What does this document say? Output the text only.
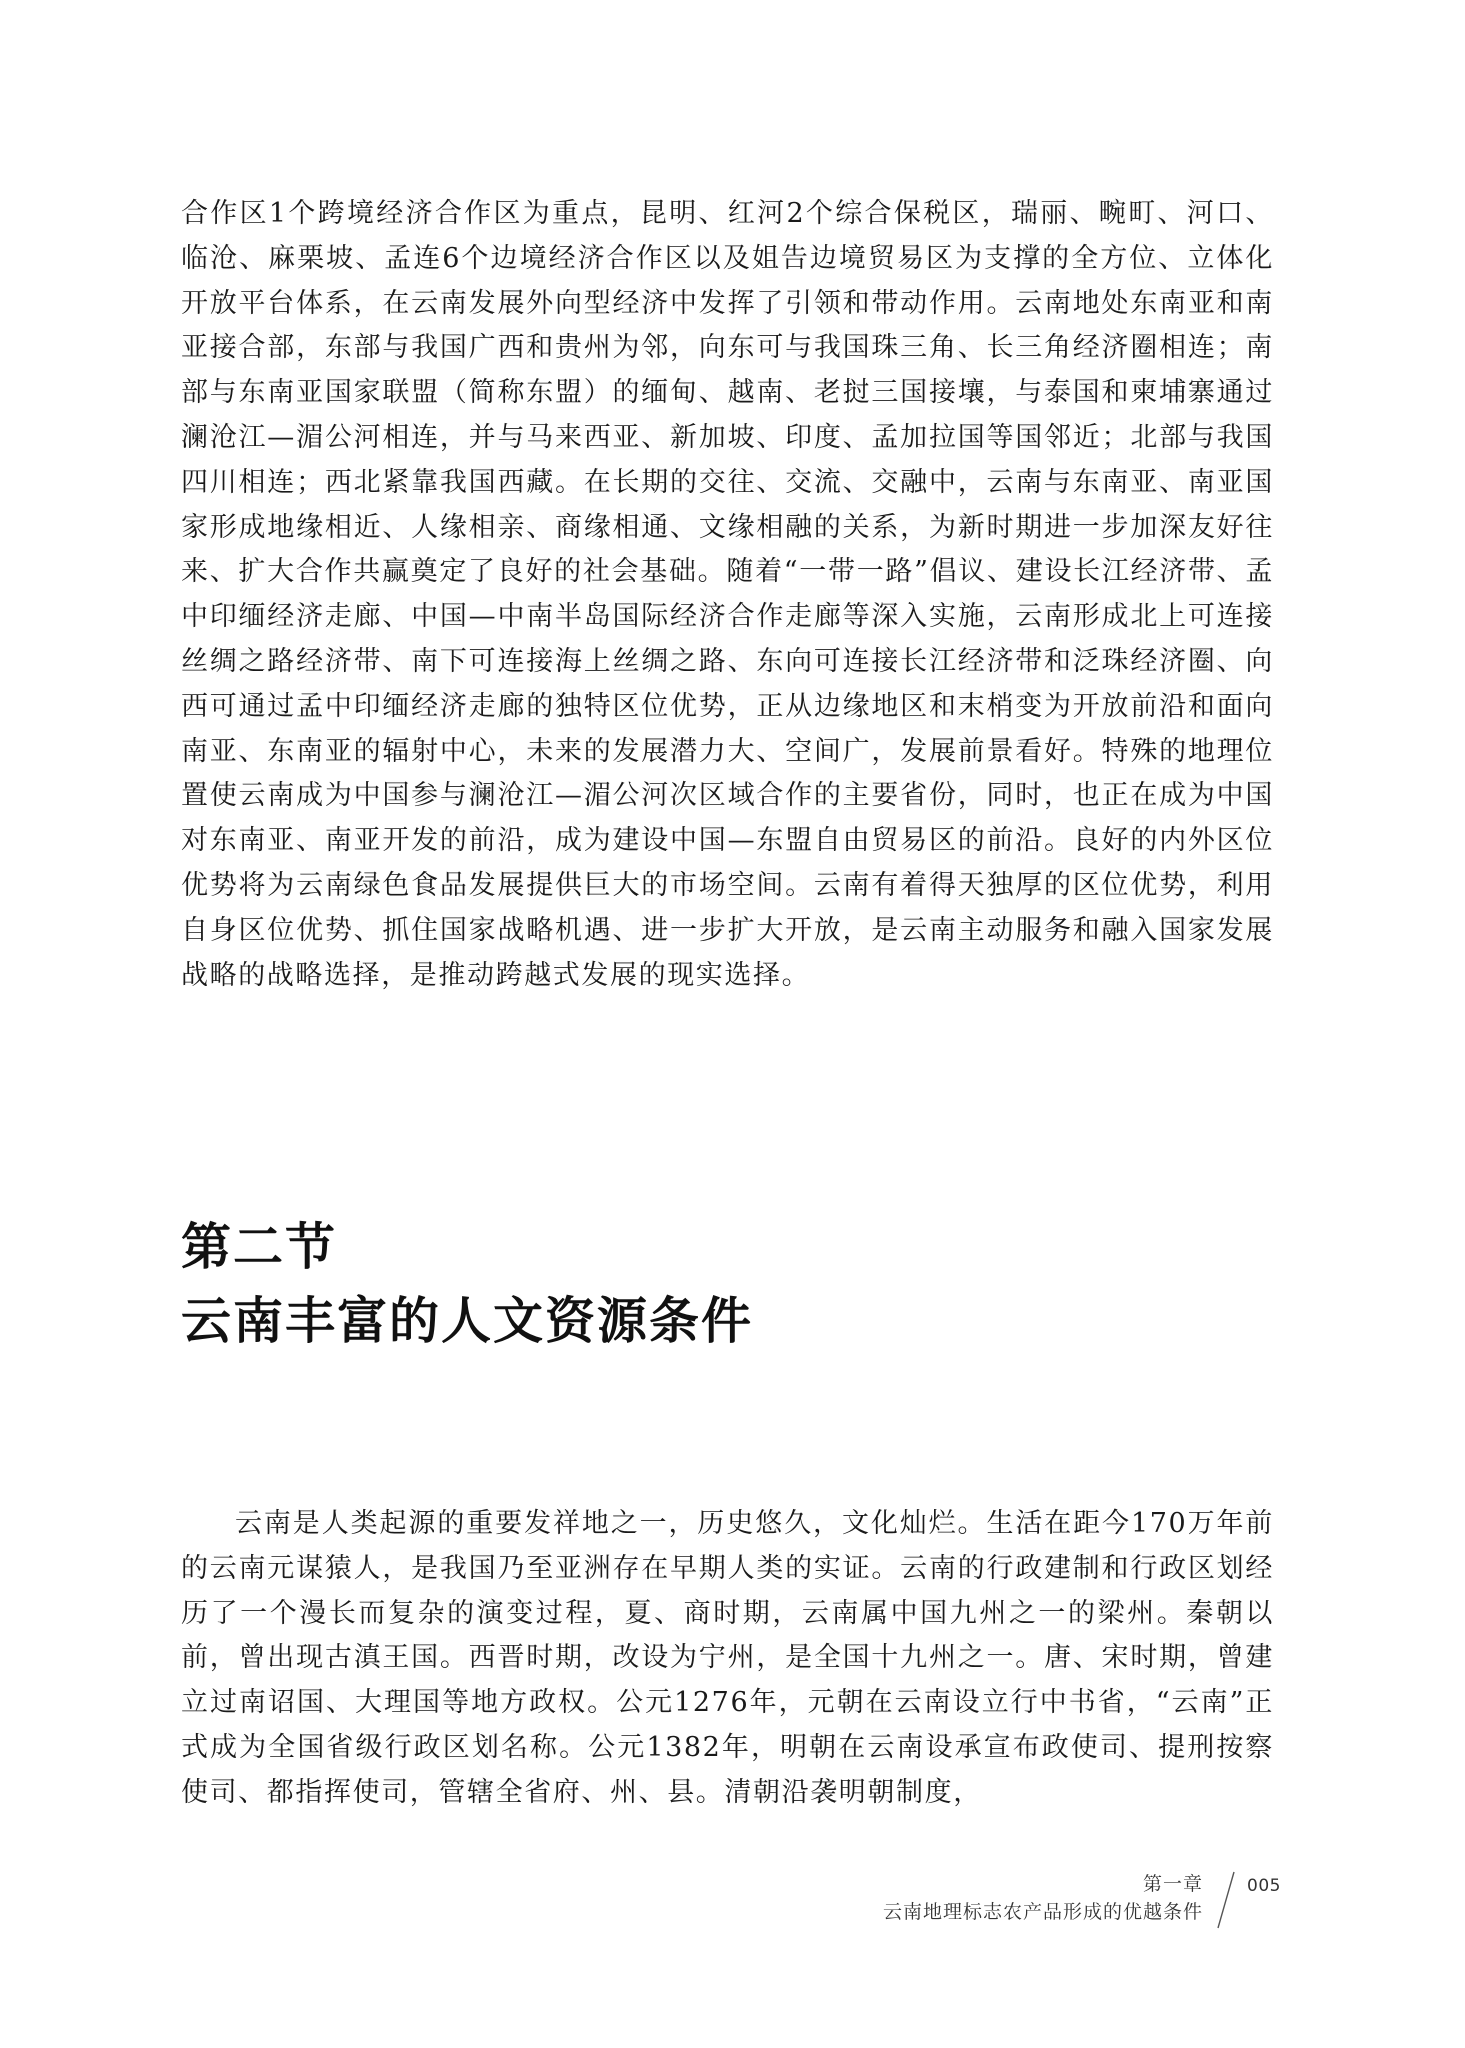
合作区1个跨境经济合作区为重点，昆明、红河2个综合保税区，瑞丽、畹町、河口、临沧、麻栗坡、孟连6个边境经济合作区以及姐告边境贸易区为支撑的全方位、立体化开放平台体系，在云南发展外向型经济中发挥了引领和带动作用。云南地处东南亚和南亚接合部，东部与我国广西和贵州为邻，向东可与我国珠三角、长三角经济圈相连；南部与东南亚国家联盟（简称东盟）的缅甸、越南、老挝三国接壤，与泰国和柬埔寨通过澜沧江—湄公河相连，并与马来西亚、新加坡、印度、孟加拉国等国邻近；北部与我国四川相连；西北紧靠我国西藏。在长期的交往、交流、交融中，云南与东南亚、南亚国家形成地缘相近、人缘相亲、商缘相通、文缘相融的关系，为新时期进一步加深友好往来、扩大合作共赢奠定了良好的社会基础。随着“一带一路”倡议、建设长江经济带、孟中印缅经济走廊、中国—中南半岛国际经济合作走廊等深入实施，云南形成北上可连接丝绸之路经济带、南下可连接海上丝绸之路、东向可连接长江经济带和泛珠经济圈、向西可通过孟中印缅经济走廊的独特区位优势，正从边缘地区和末梢变为开放前沿和面向南亚、东南亚的辐射中心，未来的发展潜力大、空间广，发展前景看好。特殊的地理位置使云南成为中国参与澜沧江—湄公河次区域合作的主要省份，同时，也正在成为中国对东南亚、南亚开发的前沿，成为建设中国—东盟自由贸易区的前沿。良好的内外区位优势将为云南绿色食品发展提供巨大的市场空间。云南有着得天独厚的区位优势，利用自身区位优势、抓住国家战略机遇、进一步扩大开放，是云南主动服务和融入国家发展战略的战略选择，是推动跨越式发展的现实选择。

第二节
云南丰富的人文资源条件

云南是人类起源的重要发祥地之一，历史悠久，文化灿烂。生活在距今170万年前的云南元谋猿人，是我国乃至亚洲存在早期人类的实证。云南的行政建制和行政区划经历了一个漫长而复杂的演变过程，夏、商时期，云南属中国九州之一的梁州。秦朝以前，曾出现古滇王国。西晋时期，改设为宁州，是全国十九州之一。唐、宋时期，曾建立过南诏国、大理国等地方政权。公元1276年，元朝在云南设立行中书省，“云南”正式成为全国省级行政区划名称。公元1382年，明朝在云南设承宣布政使司、提刑按察使司、都指挥使司，管辖全省府、州、县。清朝沿袭明朝制度，

第一章
云南地理标志农产品形成的优越条件
005
